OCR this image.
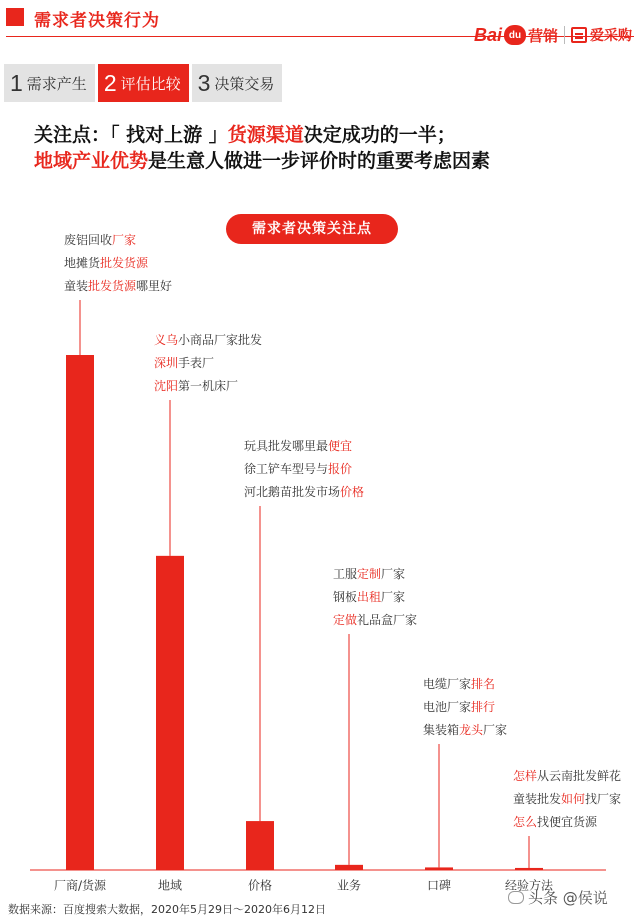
需求者决策行为
Bai du 营销 爱采购
1 需求产生 2 评估比较 3 决策交易
关注点：「 找对上游 」货源渠道决定成功的一半；
地域产业优势是生意人做进一步评价时的重要考虑因素
废铝回收厂家
地摊货批发货源
童装批发货源哪里好
厂商/货源
义乌小商品厂家批发
深圳手表厂
沈阳第一机床厂
地域
玩具批发哪里最便宜
徐工铲车型号与报价
河北鹅苗批发市场价格
价格
工服定制厂家
钢板出租厂家
定做礼品盒厂家
业务
电缆厂家排名
电池厂家排行
集装箱龙头厂家
口碑
怎样从云南批发鲜花
童装批发如何找厂家
怎么找便宜货源
经验方法
需求者决策关注点
数据来源：百度搜索大数据，2020年5月29日～2020年6月12日
头条 @侯说
